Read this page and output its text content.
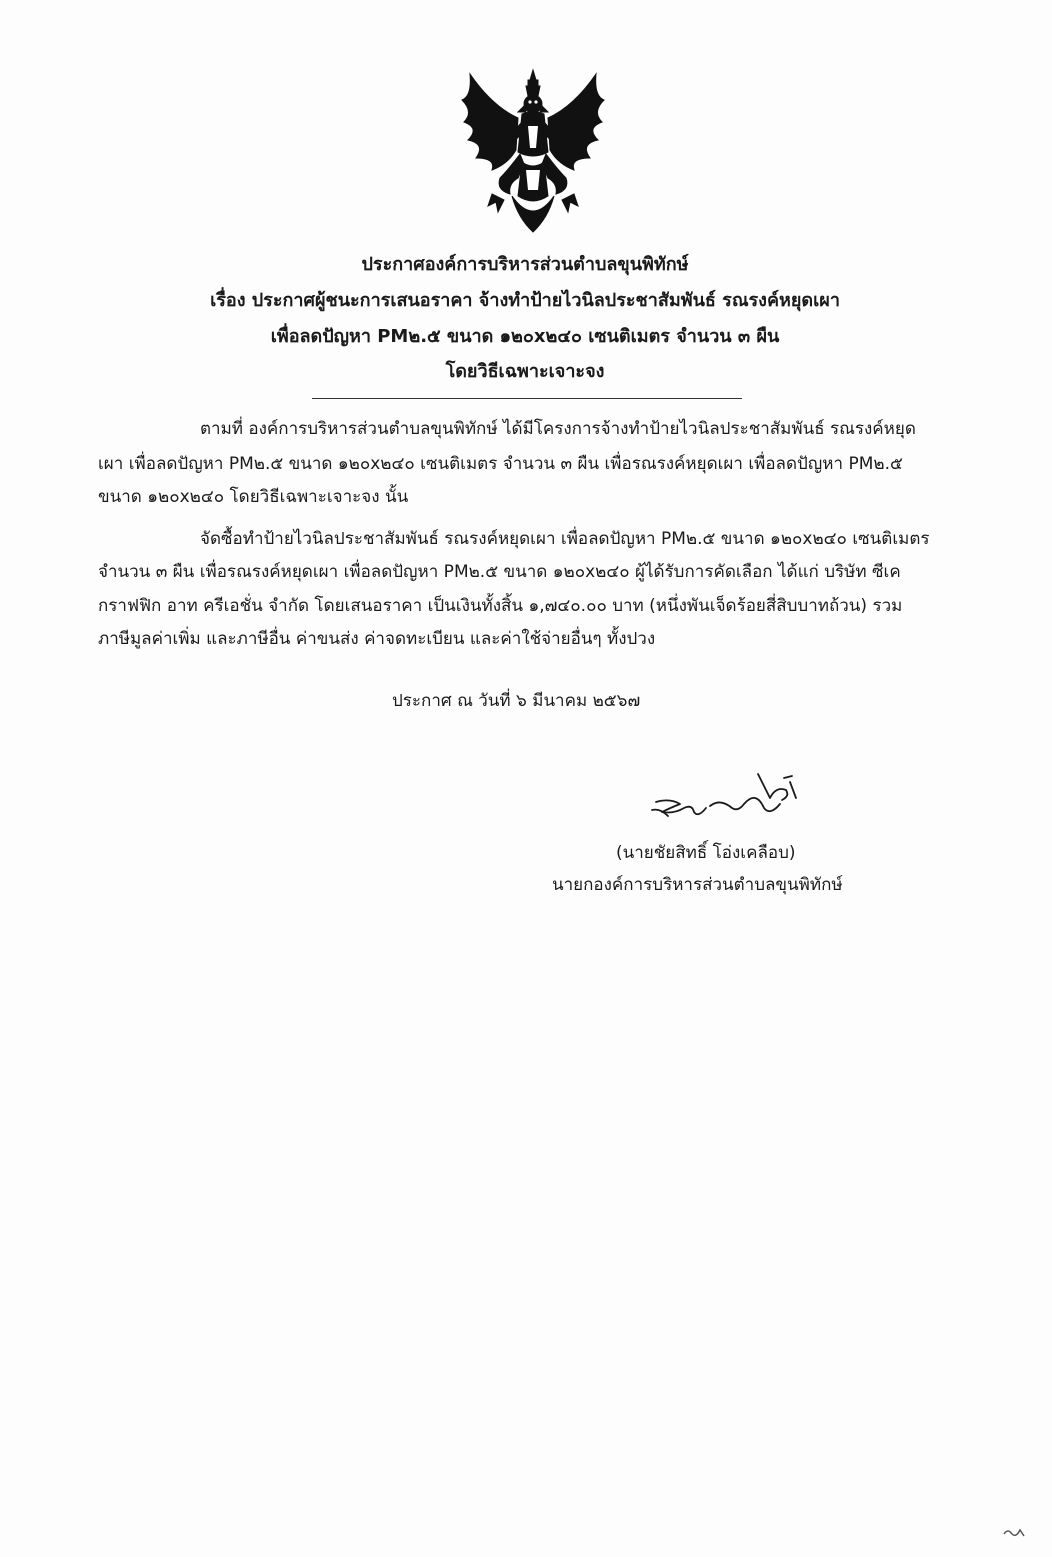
ประกาศองค์การบริหารส่วนตำบลขุนพิทักษ์
เรื่อง ประกาศผู้ชนะการเสนอราคา จ้างทำป้ายไวนิลประชาสัมพันธ์ รณรงค์หยุดเผา
เพื่อลดปัญหา PM๒.๕ ขนาด ๑๒๐x๒๔๐ เซนติเมตร จำนวน ๓ ผืน
โดยวิธีเฉพาะเจาะจง
ตามที่ องค์การบริหารส่วนตำบลขุนพิทักษ์ ได้มีโครงการจ้างทำป้ายไวนิลประชาสัมพันธ์ รณรงค์หยุด
เผา เพื่อลดปัญหา PM๒.๕ ขนาด ๑๒๐x๒๔๐ เซนติเมตร จำนวน ๓ ผืน เพื่อรณรงค์หยุดเผา เพื่อลดปัญหา PM๒.๕
ขนาด ๑๒๐x๒๔๐ โดยวิธีเฉพาะเจาะจง นั้น
จัดซื้อทำป้ายไวนิลประชาสัมพันธ์ รณรงค์หยุดเผา เพื่อลดปัญหา PM๒.๕ ขนาด ๑๒๐x๒๔๐ เซนติเมตร
จำนวน ๓ ผืน เพื่อรณรงค์หยุดเผา เพื่อลดปัญหา PM๒.๕ ขนาด ๑๒๐x๒๔๐ ผู้ได้รับการคัดเลือก ได้แก่ บริษัท ซีเค
กราฟฟิก อาท ครีเอชั่น จำกัด โดยเสนอราคา เป็นเงินทั้งสิ้น ๑,๗๔๐.๐๐ บาท (หนึ่งพันเจ็ดร้อยสี่สิบบาทถ้วน) รวม
ภาษีมูลค่าเพิ่ม และภาษีอื่น ค่าขนส่ง ค่าจดทะเบียน และค่าใช้จ่ายอื่นๆ ทั้งปวง
ประกาศ ณ วันที่ ๖ มีนาคม ๒๕๖๗
(นายชัยสิทธิ์ โอ่งเคลือบ)
นายกองค์การบริหารส่วนตำบลขุนพิทักษ์
